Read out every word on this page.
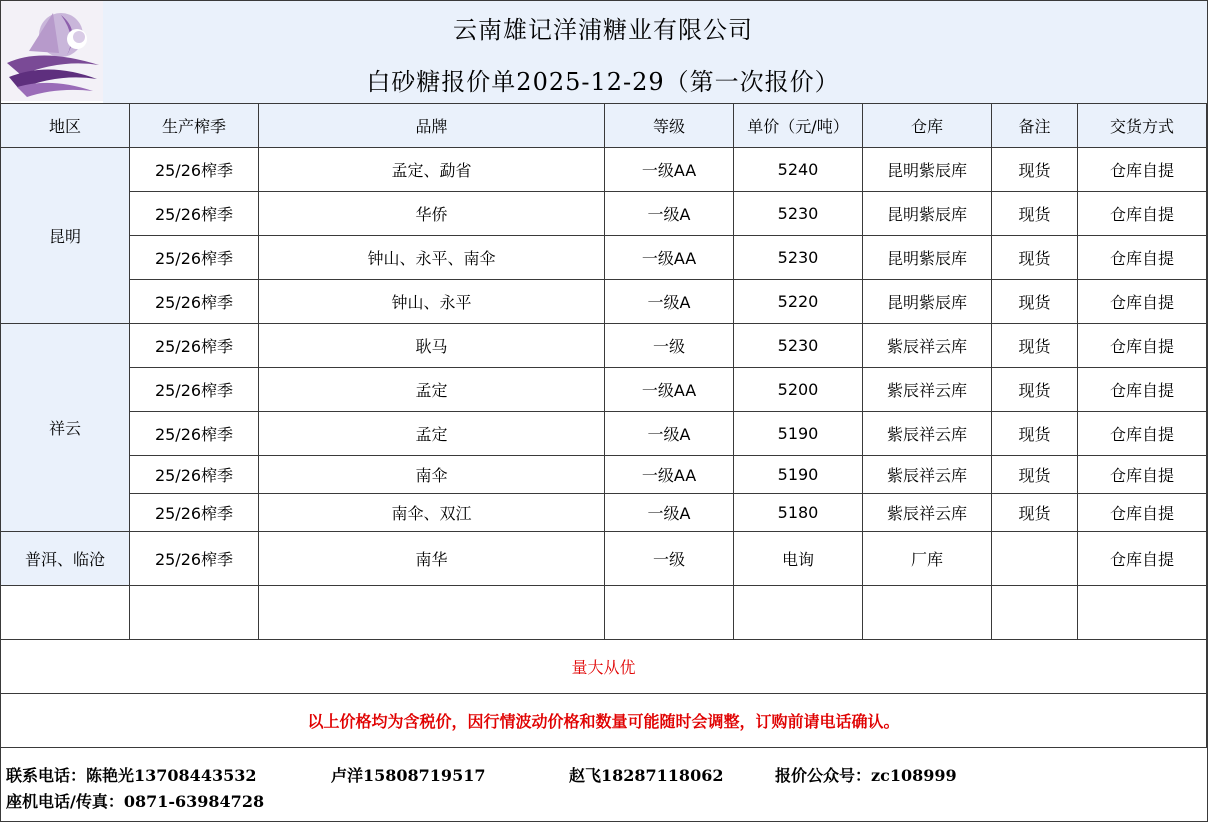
云南雄记洋浦糖业有限公司
白砂糖报价单2025-12-29（第一次报价）
地区	生产榨季	品牌	等级	单价（元/吨）	仓库	备注	交货方式
昆明	25/26榨季	孟定、勐省	一级AA	5240	昆明紫辰库	现货	仓库自提
	25/26榨季	华侨	一级A	5230	昆明紫辰库	现货	仓库自提
	25/26榨季	钟山、永平、南伞	一级AA	5230	昆明紫辰库	现货	仓库自提
	25/26榨季	钟山、永平	一级A	5220	昆明紫辰库	现货	仓库自提
祥云	25/26榨季	耿马	一级	5230	紫辰祥云库	现货	仓库自提
	25/26榨季	孟定	一级AA	5200	紫辰祥云库	现货	仓库自提
	25/26榨季	孟定	一级A	5190	紫辰祥云库	现货	仓库自提
	25/26榨季	南伞	一级AA	5190	紫辰祥云库	现货	仓库自提
	25/26榨季	南伞、双江	一级A	5180	紫辰祥云库	现货	仓库自提
普洱、临沧	25/26榨季	南华	一级	电询	厂库		仓库自提

量大从优							
以上价格均为含税价，因行情波动价格和数量可能随时会调整，订购前请电话确认。							
联系电话：陈艳光13708443532	卢洋15808719517	赵飞18287118062	报价公众号：zc108999
座机电话/传真：0871-63984728
